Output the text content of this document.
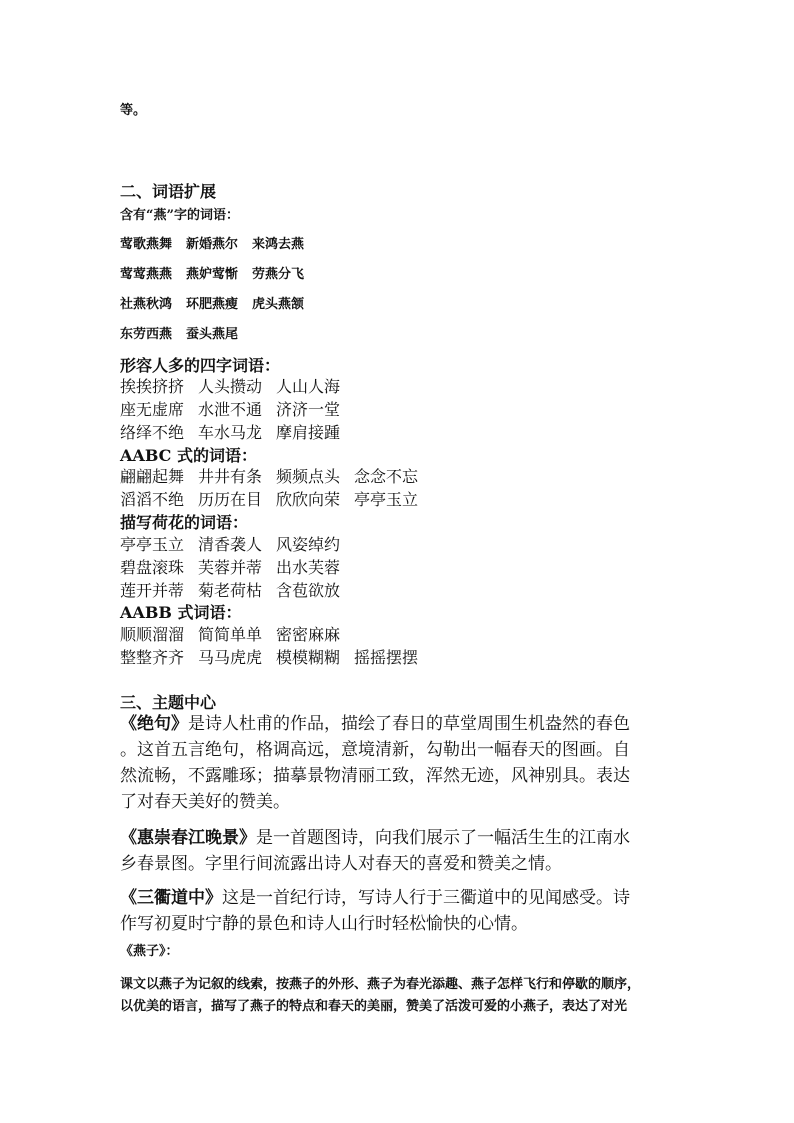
等。
二、词语扩展
含有“燕”字的词语：
莺歌燕舞 新婚燕尔 来鸿去燕
莺莺燕燕 燕妒莺惭 劳燕分飞
社燕秋鸿 环肥燕瘦 虎头燕颔
东劳西燕 蚕头燕尾
形容人多的四字词语：
挨挨挤挤 人头攒动 人山人海
座无虚席 水泄不通 济济一堂
络绎不绝 车水马龙 摩肩接踵
AABC 式的词语：
翩翩起舞 井井有条 频频点头 念念不忘
滔滔不绝 历历在目 欣欣向荣 亭亭玉立
描写荷花的词语：
亭亭玉立 清香袭人 风姿绰约
碧盘滚珠 芙蓉并蒂 出水芙蓉
莲开并蒂 菊老荷枯 含苞欲放
AABB 式词语：
顺顺溜溜 简简单单 密密麻麻
整整齐齐 马马虎虎 模模糊糊 摇摇摆摆
三、主题中心
《绝句》是诗人杜甫的作品，描绘了春日的草堂周围生机盎然的春色
。这首五言绝句，格调高远，意境清新，勾勒出一幅春天的图画。自
然流畅，不露雕琢；描摹景物清丽工致，浑然无迹，风神别具。表达
了对春天美好的赞美。
《惠崇春江晚景》是一首题图诗，向我们展示了一幅活生生的江南水
乡春景图。字里行间流露出诗人对春天的喜爱和赞美之情。
《三衢道中》这是一首纪行诗，写诗人行于三衢道中的见闻感受。诗
作写初夏时宁静的景色和诗人山行时轻松愉快的心情。
《燕子》：
课文以燕子为记叙的线索，按燕子的外形、燕子为春光添趣、燕子怎样飞行和停歇的顺序，
以优美的语言，描写了燕子的特点和春天的美丽，赞美了活泼可爱的小燕子，表达了对光
